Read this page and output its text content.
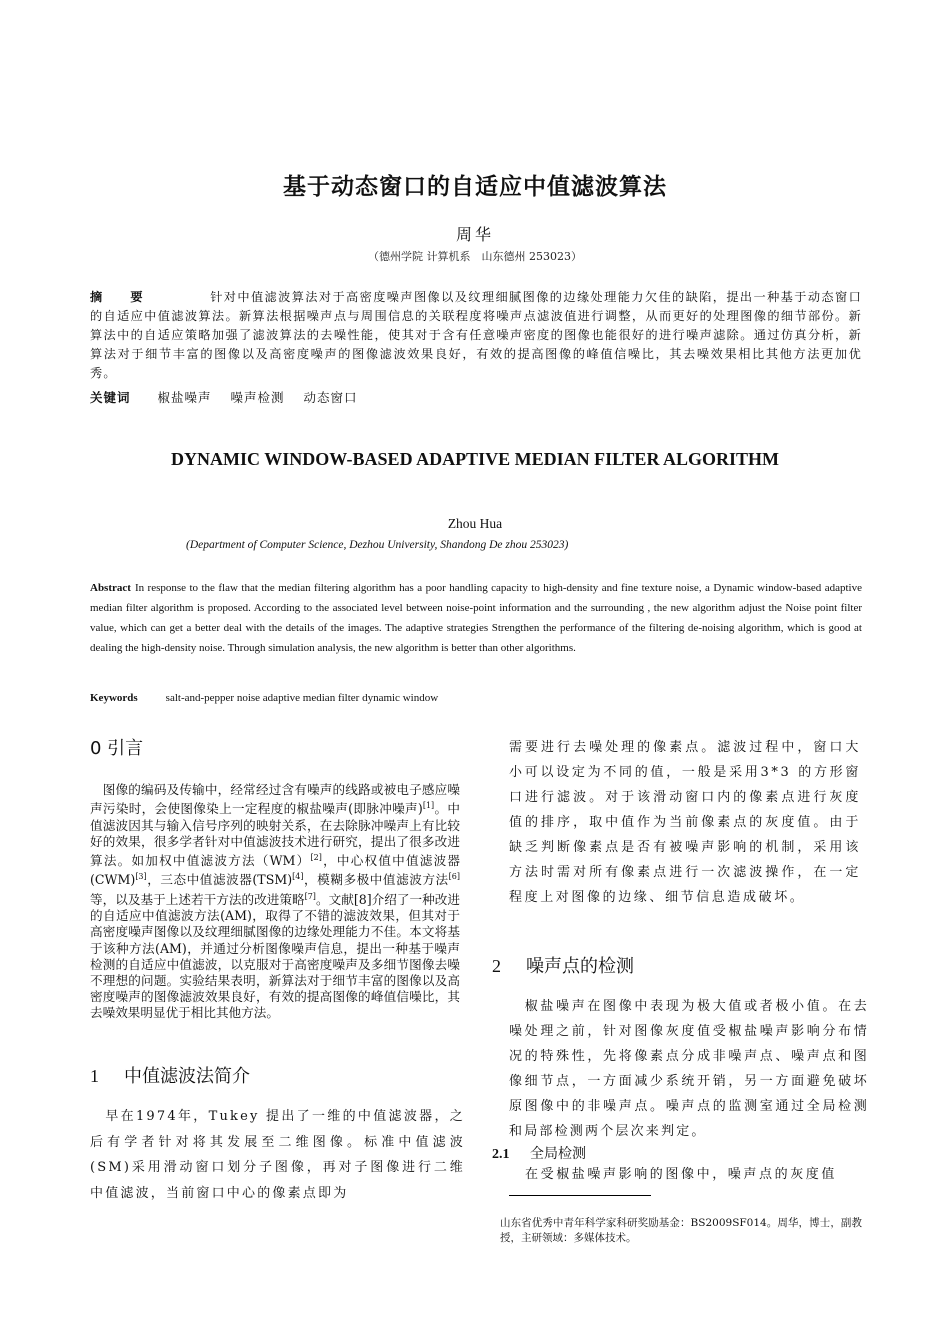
基于动态窗口的自适应中值滤波算法
周华
（德州学院 计算机系　山东德州 253023）
摘　要	针对中值滤波算法对于高密度噪声图像以及纹理细腻图像的边缘处理能力欠佳的缺陷，提出一种基于动态窗口的自适应中值滤波算法。新算法根据噪声点与周围信息的关联程度将噪声点滤波值进行调整，从而更好的处理图像的细节部份。新算法中的自适应策略加强了滤波算法的去噪性能，使其对于含有任意噪声密度的图像也能很好的进行噪声滤除。通过仿真分析，新算法对于细节丰富的图像以及高密度噪声的图像滤波效果良好，有效的提高图像的峰值信噪比，其去噪效果相比其他方法更加优秀。
关键词 椒盐噪声 噪声检测 动态窗口
DYNAMIC WINDOW-BASED ADAPTIVE MEDIAN FILTER ALGORITHM
Zhou Hua
(Department of Computer Science, Dezhou University, Shandong De zhou 253023)
Abstract In response to the flaw that the median filtering algorithm has a poor handling capacity to high-density and fine texture noise, a Dynamic window-based adaptive median filter algorithm is proposed. According to the associated level between noise-point information and the surrounding , the new algorithm adjust the Noise point filter value, which can get a better deal with the details of the images. The adaptive strategies Strengthen the performance of the filtering de-noising algorithm, which is good at dealing the high-density noise. Through simulation analysis, the new algorithm is better than other algorithms.
Keywords	salt-and-pepper noise adaptive median filter dynamic window
0 引言
　图像的编码及传输中，经常经过含有噪声的线路或被电子感应噪声污染时，会使图像染上一定程度的椒盐噪声(即脉冲噪声)[1]。中值滤波因其与输入信号序列的映射关系，在去除脉冲噪声上有比较好的效果，很多学者针对中值滤波技术进行研究，提出了很多改进算法。如加权中值滤波方法（WM）[2]，中心权值中值滤波器(CWM)[3]，三态中值滤波器(TSM)[4]，模糊多极中值滤波方法[6]等，以及基于上述若干方法的改进策略[7]。文献[8]介绍了一种改进的自适应中值滤波方法(AM)，取得了不错的滤波效果，但其对于高密度噪声图像以及纹理细腻图像的边缘处理能力不佳。本文将基于该种方法(AM)，并通过分析图像噪声信息，提出一种基于噪声检测的自适应中值滤波，以克服对于高密度噪声及多细节图像去噪不理想的问题。实验结果表明，新算法对于细节丰富的图像以及高密度噪声的图像滤波效果良好，有效的提高图像的峰值信噪比，其去噪效果明显优于相比其他方法。
1 中值滤波法简介
　早在1974年，Tukey 提出了一维的中值滤波器，之后有学者针对将其发展至二维图像。标准中值滤波(SM)采用滑动窗口划分子图像，再对子图像进行二维中值滤波，当前窗口中心的像素点即为
需要进行去噪处理的像素点。滤波过程中，窗口大小可以设定为不同的值，一般是采用3*3 的方形窗口进行滤波。对于该滑动窗口内的像素点进行灰度值的排序，取中值作为当前像素点的灰度值。由于缺乏判断像素点是否有被噪声影响的机制，采用该方法时需对所有像素点进行一次滤波操作，在一定程度上对图像的边缘、细节信息造成破坏。
2 噪声点的检测
　椒盐噪声在图像中表现为极大值或者极小值。在去噪处理之前，针对图像灰度值受椒盐噪声影响分布情况的特殊性，先将像素点分成非噪声点、噪声点和图像细节点，一方面减少系统开销，另一方面避免破坏原图像中的非噪声点。噪声点的监测室通过全局检测和局部检测两个层次来判定。
2.1 全局检测
在受椒盐噪声影响的图像中，噪声点的灰度值
山东省优秀中青年科学家科研奖励基金：BS2009SF014。周华，博士，副教授，主研领域：多媒体技术。
